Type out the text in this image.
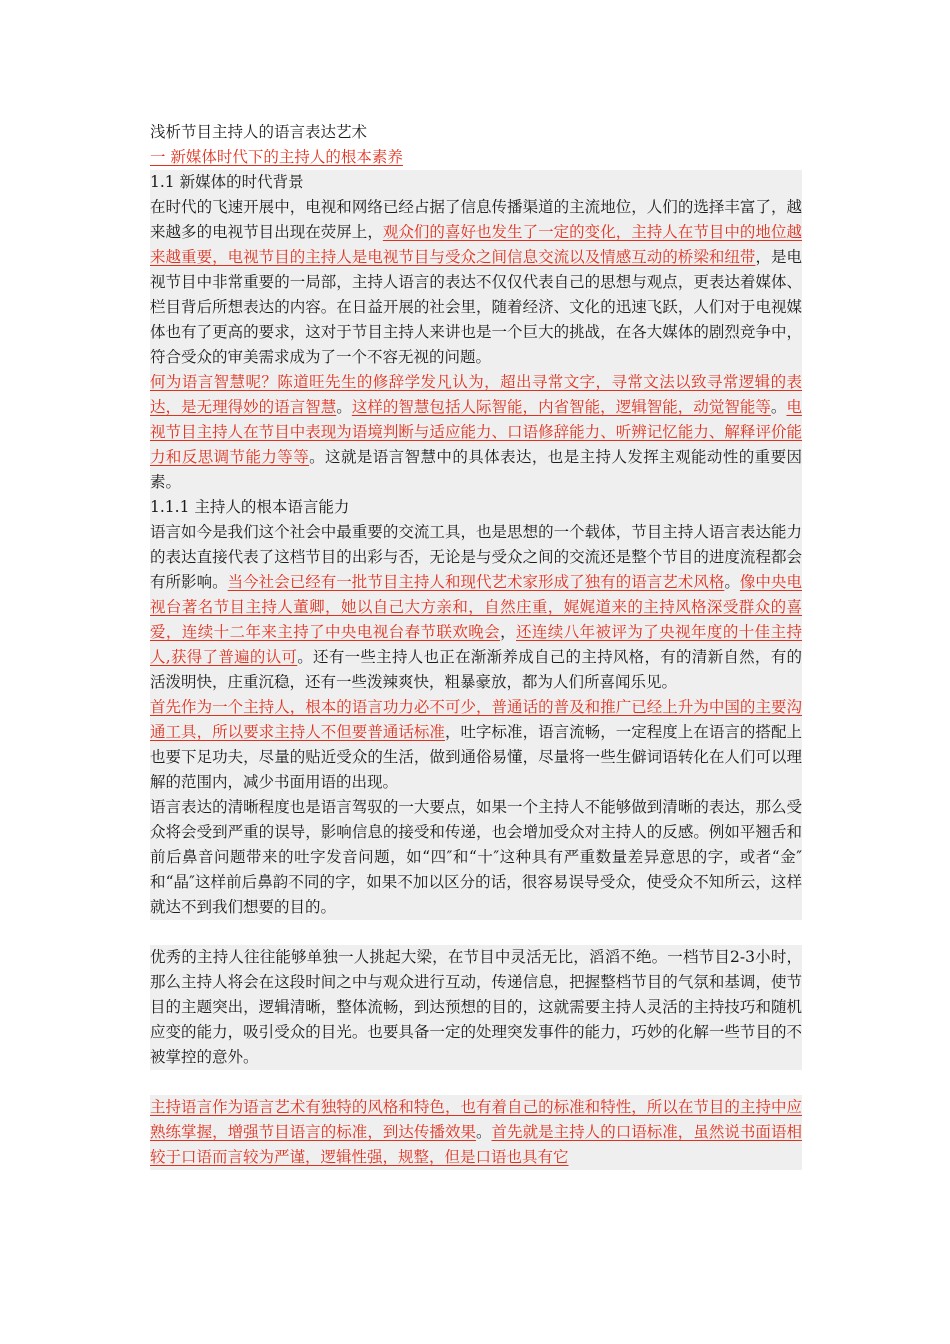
浅析节目主持人的语言表达艺术

一 新媒体时代下的主持人的根本素养

1.1 新媒体的时代背景

在时代的飞速开展中，电视和网络已经占据了信息传播渠道的主流地位，人们的选择丰富了，越来越多的电视节目出现在荧屏上，观众们的喜好也发生了一定的变化，主持人在节目中的地位越来越重要，电视节目的主持人是电视节目与受众之间信息交流以及情感互动的桥梁和纽带，是电视节目中非常重要的一局部，主持人语言的表达不仅仅代表自己的思想与观点，更表达着媒体、栏目背后所想表达的内容。在日益开展的社会里，随着经济、文化的迅速飞跃，人们对于电视媒体也有了更高的要求，这对于节目主持人来讲也是一个巨大的挑战，在各大媒体的剧烈竞争中，符合受众的审美需求成为了一个不容无视的问题。

何为语言智慧呢？陈道旺先生的修辞学发凡认为，超出寻常文字，寻常文法以致寻常逻辑的表达，是无理得妙的语言智慧。这样的智慧包括人际智能，内省智能，逻辑智能，动觉智能等。电视节目主持人在节目中表现为语境判断与适应能力、口语修辞能力、听辨记忆能力、解释评价能力和反思调节能力等等。这就是语言智慧中的具体表达，也是主持人发挥主观能动性的重要因素。

1.1.1 主持人的根本语言能力

语言如今是我们这个社会中最重要的交流工具，也是思想的一个载体，节目主持人语言表达能力的表达直接代表了这档节目的出彩与否，无论是与受众之间的交流还是整个节目的进度流程都会有所影响。当今社会已经有一批节目主持人和现代艺术家形成了独有的语言艺术风格。像中央电视台著名节目主持人董卿，她以自己大方亲和，自然庄重，娓娓道来的主持风格深受群众的喜爱，连续十二年来主持了中央电视台春节联欢晚会，还连续八年被评为了央视年度的十佳主持人,获得了普遍的认可。还有一些主持人也正在渐渐养成自己的主持风格，有的清新自然，有的活泼明快，庄重沉稳，还有一些泼辣爽快，粗暴豪放，都为人们所喜闻乐见。

首先作为一个主持人，根本的语言功力必不可少，普通话的普及和推广已经上升为中国的主要沟通工具，所以要求主持人不但要普通话标准，吐字标准，语言流畅，一定程度上在语言的搭配上也要下足功夫，尽量的贴近受众的生活，做到通俗易懂，尽量将一些生僻词语转化在人们可以理解的范围内，减少书面用语的出现。

语言表达的清晰程度也是语言驾驭的一大要点，如果一个主持人不能够做到清晰的表达，那么受众将会受到严重的误导，影响信息的接受和传递，也会增加受众对主持人的反感。例如平翘舌和前后鼻音问题带来的吐字发音问题，如“四″和“十″这种具有严重数量差异意思的字，或者“金″和“晶″这样前后鼻韵不同的字，如果不加以区分的话，很容易误导受众，使受众不知所云，这样就达不到我们想要的目的。

优秀的主持人往往能够单独一人挑起大梁，在节目中灵活无比，滔滔不绝。一档节目2-3小时，那么主持人将会在这段时间之中与观众进行互动，传递信息，把握整档节目的气氛和基调，使节目的主题突出，逻辑清晰，整体流畅，到达预想的目的，这就需要主持人灵活的主持技巧和随机应变的能力，吸引受众的目光。也要具备一定的处理突发事件的能力，巧妙的化解一些节目的不被掌控的意外。

主持语言作为语言艺术有独特的风格和特色，也有着自己的标准和特性，所以在节目的主持中应熟练掌握，增强节目语言的标准，到达传播效果。首先就是主持人的口语标准，虽然说书面语相较于口语而言较为严谨，逻辑性强，规整，但是口语也具有它
